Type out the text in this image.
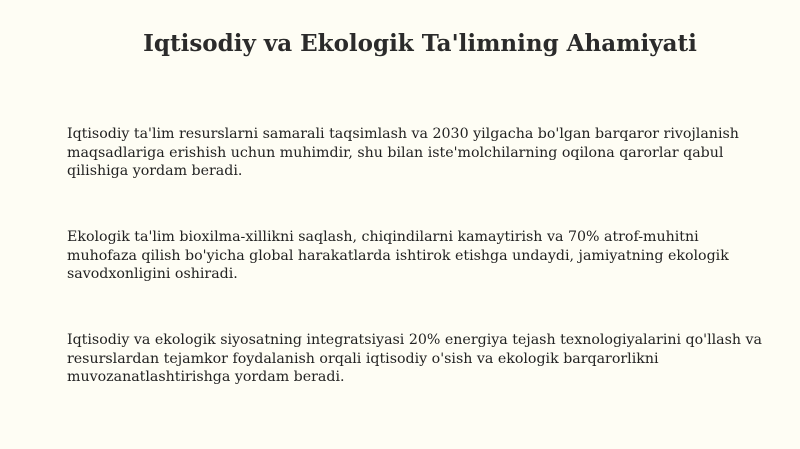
Iqtisodiy va Ekologik Ta'limning Ahamiyati

Iqtisodiy ta'lim resurslarni samarali taqsimlash va 2030 yilgacha bo'lgan barqaror rivojlanish maqsadlariga erishish uchun muhimdir, shu bilan iste'molchilarning oqilona qarorlar qabul qilishiga yordam beradi.

Ekologik ta'lim bioxilma-xillikni saqlash, chiqindilarni kamaytirish va 70% atrof-muhitni muhofaza qilish bo'yicha global harakatlarda ishtirok etishga undaydi, jamiyatning ekologik savodxonligini oshiradi.

Iqtisodiy va ekologik siyosatning integratsiyasi 20% energiya tejash texnologiyalarini qo'llash va resurslardan tejamkor foydalanish orqali iqtisodiy o'sish va ekologik barqarorlikni muvozanatlashtirishga yordam beradi.
